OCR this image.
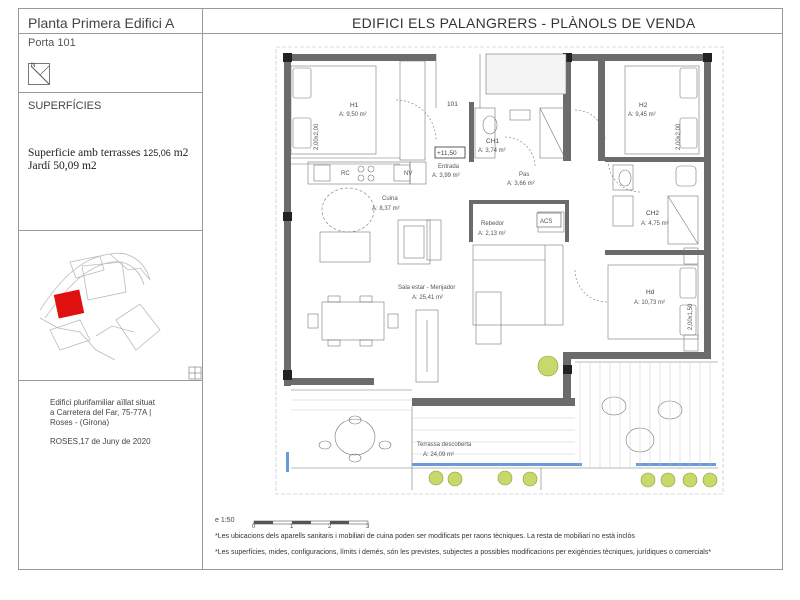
Planta Primera Edifici A	EDIFICI ELS PALANGRERS - PLÀNOLS DE VENDA
Porta 101
N
SUPERFÍCIES
Superficie amb terrasses 125,06 m2
Jardí 50,09 m2
Edifici plurifamiliar aïllat situat
a Carretera del Far, 75-77A |
Roses - (Girona)
ROSES,17 de Juny de 2020
101
+11,50
H1
A: 9,50 m²
H2
A: 9,45 m²
CH1
A: 3,74 m²
Entrada
A: 3,99 m²	Pas
A: 3,66 m²
Cuina
A: 8,37 m²
Rebedor
A: 2,13 m²
CH2
A: 4,75 m²
Hd
A: 10,73 m²
Sala estar - Menjador
A: 25,41 m²
Terrassa descoberta
A: 24,09 m²
RC	NV
ACS
2,00x2,00	2,00x2,00
2,00x1,50
e 1:50
0	1	2	3
*Les ubicacions dels aparells sanitaris i mobiliari de cuina poden ser modificats per raons tècniques. La resta de mobiliari no està inclòs
*Les superfícies, mides, configuracions, límits i demés, són les previstes, subjectes a possibles modificacions per exigències tècniques, jurídiques o comercials*
